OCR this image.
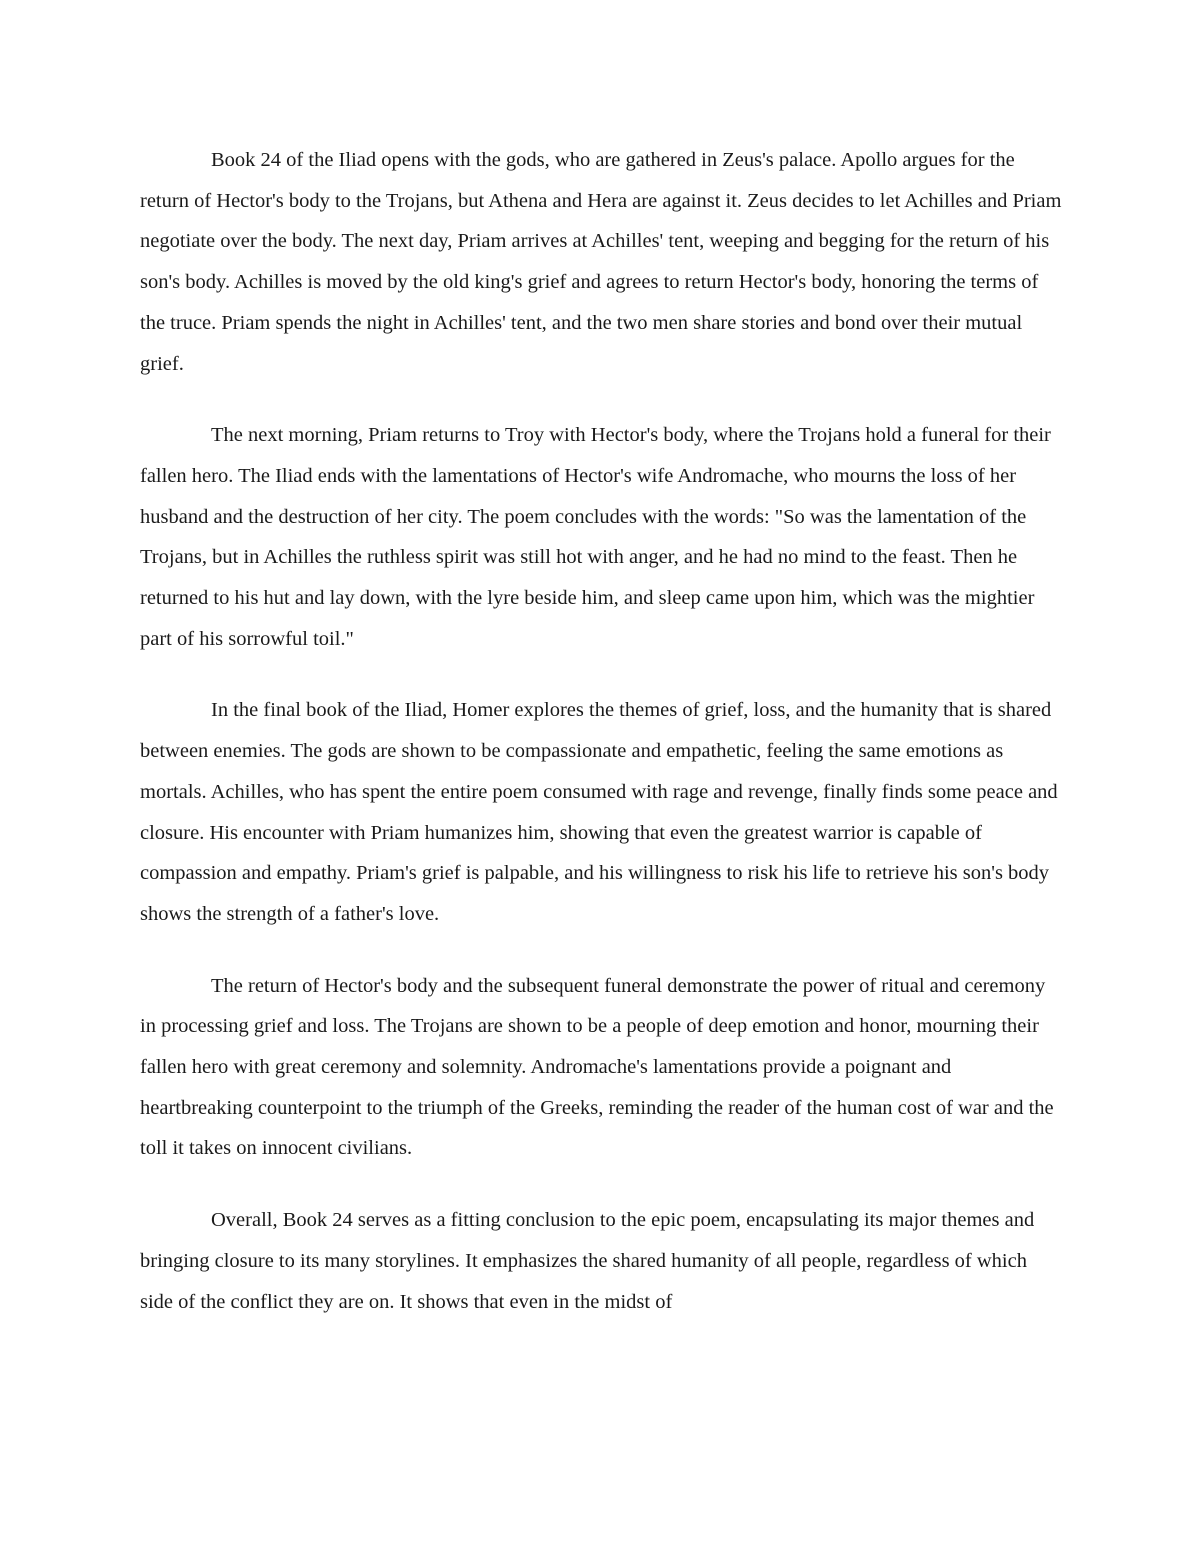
Book 24 of the Iliad opens with the gods, who are gathered in Zeus's palace. Apollo argues for the return of Hector's body to the Trojans, but Athena and Hera are against it. Zeus decides to let Achilles and Priam negotiate over the body. The next day, Priam arrives at Achilles' tent, weeping and begging for the return of his son's body. Achilles is moved by the old king's grief and agrees to return Hector's body, honoring the terms of the truce. Priam spends the night in Achilles' tent, and the two men share stories and bond over their mutual grief.

The next morning, Priam returns to Troy with Hector's body, where the Trojans hold a funeral for their fallen hero. The Iliad ends with the lamentations of Hector's wife Andromache, who mourns the loss of her husband and the destruction of her city. The poem concludes with the words: "So was the lamentation of the Trojans, but in Achilles the ruthless spirit was still hot with anger, and he had no mind to the feast. Then he returned to his hut and lay down, with the lyre beside him, and sleep came upon him, which was the mightier part of his sorrowful toil."

In the final book of the Iliad, Homer explores the themes of grief, loss, and the humanity that is shared between enemies. The gods are shown to be compassionate and empathetic, feeling the same emotions as mortals. Achilles, who has spent the entire poem consumed with rage and revenge, finally finds some peace and closure. His encounter with Priam humanizes him, showing that even the greatest warrior is capable of compassion and empathy. Priam's grief is palpable, and his willingness to risk his life to retrieve his son's body shows the strength of a father's love.

The return of Hector's body and the subsequent funeral demonstrate the power of ritual and ceremony in processing grief and loss. The Trojans are shown to be a people of deep emotion and honor, mourning their fallen hero with great ceremony and solemnity. Andromache's lamentations provide a poignant and heartbreaking counterpoint to the triumph of the Greeks, reminding the reader of the human cost of war and the toll it takes on innocent civilians.

Overall, Book 24 serves as a fitting conclusion to the epic poem, encapsulating its major themes and bringing closure to its many storylines. It emphasizes the shared humanity of all people, regardless of which side of the conflict they are on. It shows that even in the midst of
